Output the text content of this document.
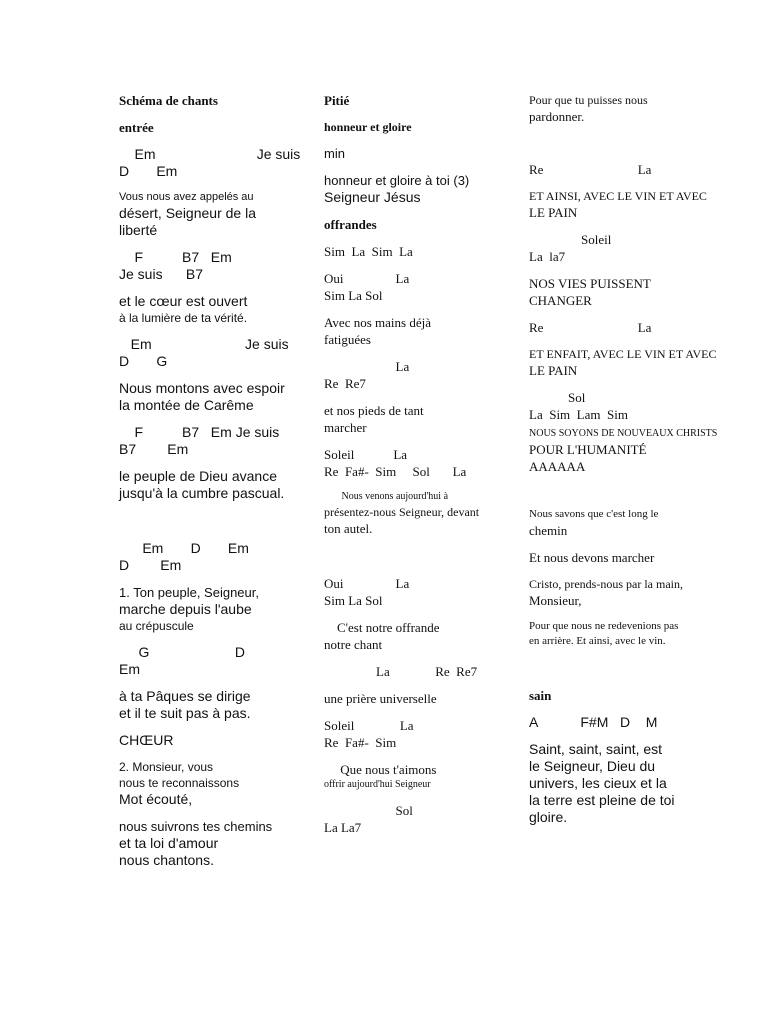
Schéma de chants

entrée

Em                          Je suis

D       Em

Vous nous avez appelés au

désert, Seigneur de la

liberté

F          B7   Em

Je suis      B7

et le cœur est ouvert

à la lumière de ta vérité.

Em                        Je suis

D       G

Nous montons avec espoir

la montée de Carême

F          B7   Em Je suis

B7        Em

le peuple de Dieu avance

jusqu'à la cumbre pascual.

Em       D       Em

D        Em

1. Ton peuple, Seigneur,

marche depuis l'aube

au crépuscule

G                      D

Em

à ta Pâques se dirige

et il te suit pas à pas.

CHŒUR

2. Monsieur, vous

nous te reconnaissons

Mot écouté,

nous suivrons tes chemins

et ta loi d'amour

nous chantons.

Pitié

honneur et gloire

min

honneur et gloire à toi (3)

Seigneur Jésus

offrandes

Sim  La  Sim  La

Oui                La

Sim La Sol

Avec nos mains déjà

fatiguées

La

Re  Re7

et nos pieds de tant

marcher

Soleil            La

Re  Fa#-  Sim     Sol       La

Nous venons aujourd'hui à

présentez-nous Seigneur, devant

ton autel.

Oui                La

Sim La Sol

C'est notre offrande

notre chant

La              Re  Re7

une prière universelle

Soleil              La

Re  Fa#-  Sim

Que nous t'aimons

offrir aujourd'hui Seigneur

Sol

La La7

Pour que tu puisses nous

pardonner.

Re                             La

ET AINSI, AVEC LE VIN ET AVEC

LE PAIN

Soleil

La  la7

NOS VIES PUISSENT

CHANGER

Re                             La

ET ENFAIT, AVEC LE VIN ET AVEC

LE PAIN

Sol

La  Sim  Lam  Sim

NOUS SOYONS DE NOUVEAUX CHRISTS

POUR L'HUMANITÉ

AAAAAA

Nous savons que c'est long le

chemin

Et nous devons marcher

Cristo, prends-nous par la main,

Monsieur,

Pour que nous ne redevenions pas

en arrière. Et ainsi, avec le vin.

sain

A           F#M   D    M

Saint, saint, saint, est

le Seigneur, Dieu du

univers, les cieux et la

la terre est pleine de toi

gloire.
